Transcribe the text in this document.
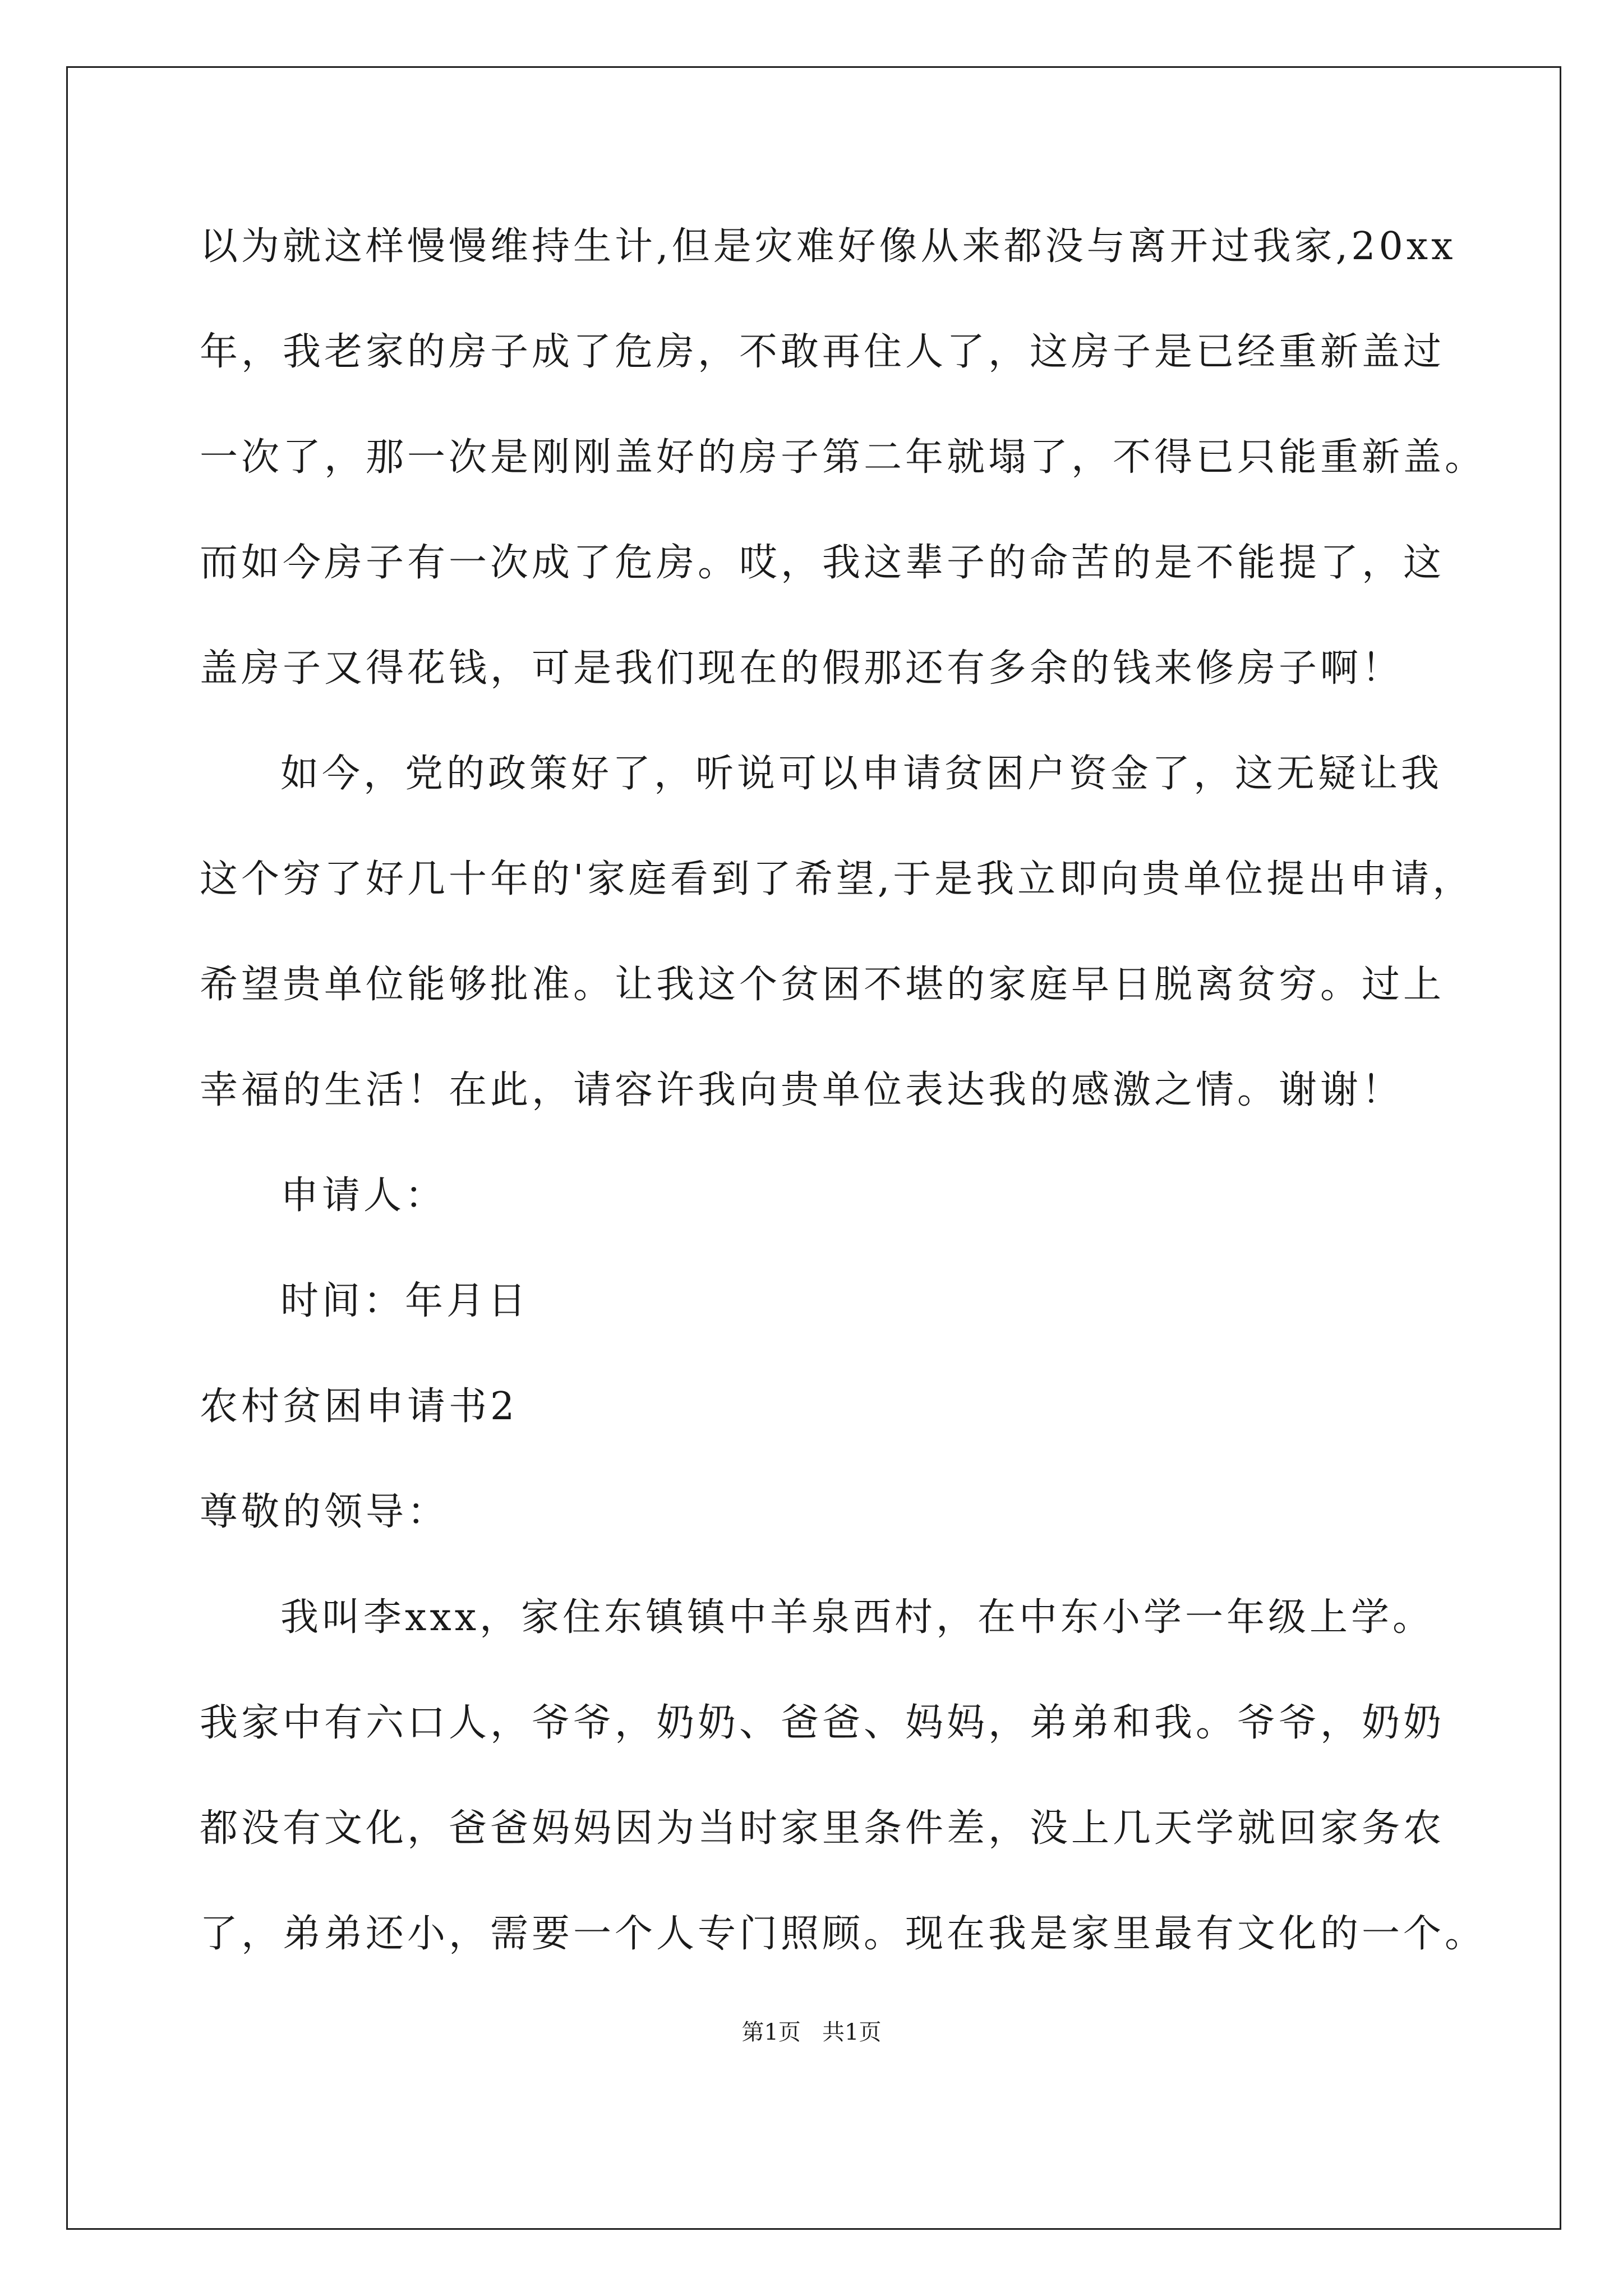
以为就这样慢慢维持生计,但是灾难好像从来都没与离开过我家,20xx
年，我老家的房子成了危房，不敢再住人了，这房子是已经重新盖过
一次了，那一次是刚刚盖好的房子第二年就塌了，不得已只能重新盖。
而如今房子有一次成了危房。哎，我这辈子的命苦的是不能提了，这
盖房子又得花钱，可是我们现在的假那还有多余的钱来修房子啊！
如今，党的政策好了，听说可以申请贫困户资金了，这无疑让我
这个穷了好几十年的'家庭看到了希望,于是我立即向贵单位提出申请，
希望贵单位能够批准。让我这个贫困不堪的家庭早日脱离贫穷。过上
幸福的生活！在此，请容许我向贵单位表达我的感激之情。谢谢！
申请人：
时间：年月日
农村贫困申请书2
尊敬的领导：
我叫李xxx，家住东镇镇中羊泉西村，在中东小学一年级上学。
我家中有六口人，爷爷，奶奶、爸爸、妈妈，弟弟和我。爷爷，奶奶
都没有文化，爸爸妈妈因为当时家里条件差，没上几天学就回家务农
了，弟弟还小，需要一个人专门照顾。现在我是家里最有文化的一个。
第1页   共1页
